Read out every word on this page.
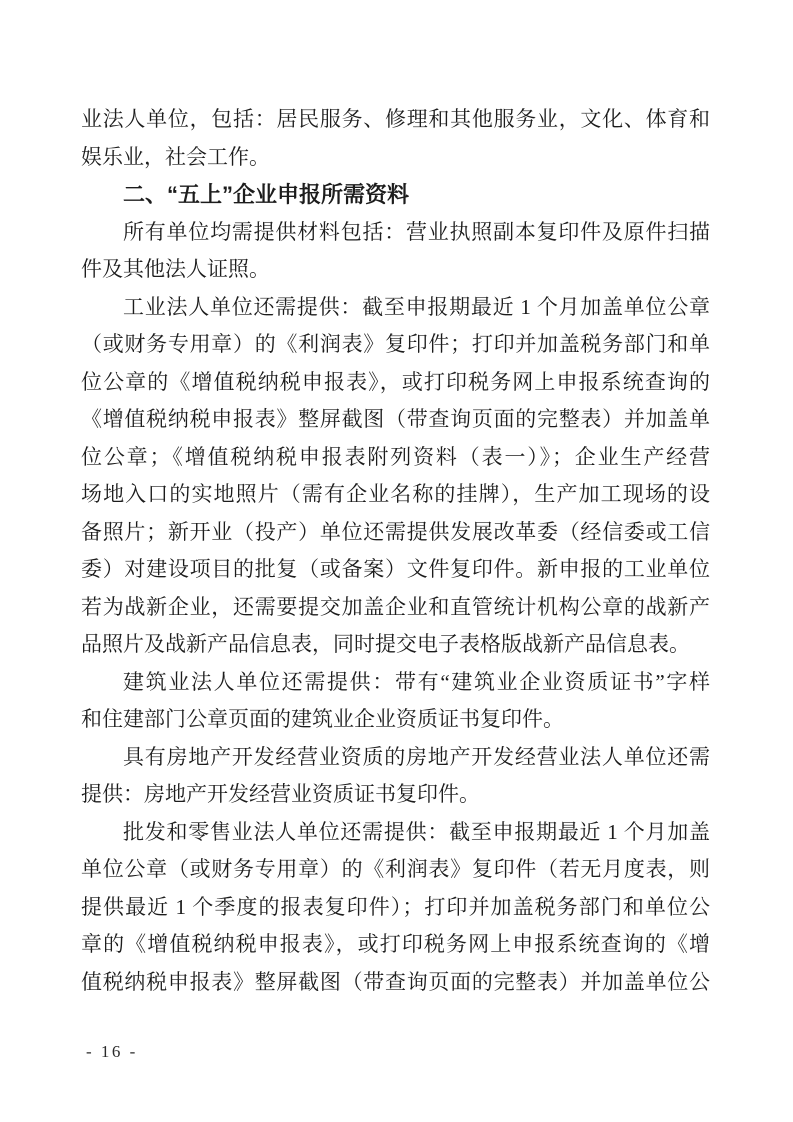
业法人单位，包括：居民服务、修理和其他服务业，文化、体育和
娱乐业，社会工作。
二、“五上”企业申报所需资料
所有单位均需提供材料包括：营业执照副本复印件及原件扫描
件及其他法人证照。
工业法人单位还需提供：截至申报期最近 1 个月加盖单位公章
（或财务专用章）的《利润表》复印件；打印并加盖税务部门和单
位公章的《增值税纳税申报表》，或打印税务网上申报系统查询的
《增值税纳税申报表》整屏截图（带查询页面的完整表）并加盖单
位公章；《增值税纳税申报表附列资料（表一）》；企业生产经营
场地入口的实地照片（需有企业名称的挂牌），生产加工现场的设
备照片；新开业（投产）单位还需提供发展改革委（经信委或工信
委）对建设项目的批复（或备案）文件复印件。新申报的工业单位
若为战新企业，还需要提交加盖企业和直管统计机构公章的战新产
品照片及战新产品信息表，同时提交电子表格版战新产品信息表。
建筑业法人单位还需提供：带有“建筑业企业资质证书”字样
和住建部门公章页面的建筑业企业资质证书复印件。
具有房地产开发经营业资质的房地产开发经营业法人单位还需
提供：房地产开发经营业资质证书复印件。
批发和零售业法人单位还需提供：截至申报期最近 1 个月加盖
单位公章（或财务专用章）的《利润表》复印件（若无月度表，则
提供最近 1 个季度的报表复印件）；打印并加盖税务部门和单位公
章的《增值税纳税申报表》，或打印税务网上申报系统查询的《增
值税纳税申报表》整屏截图（带查询页面的完整表）并加盖单位公
- 16 -
